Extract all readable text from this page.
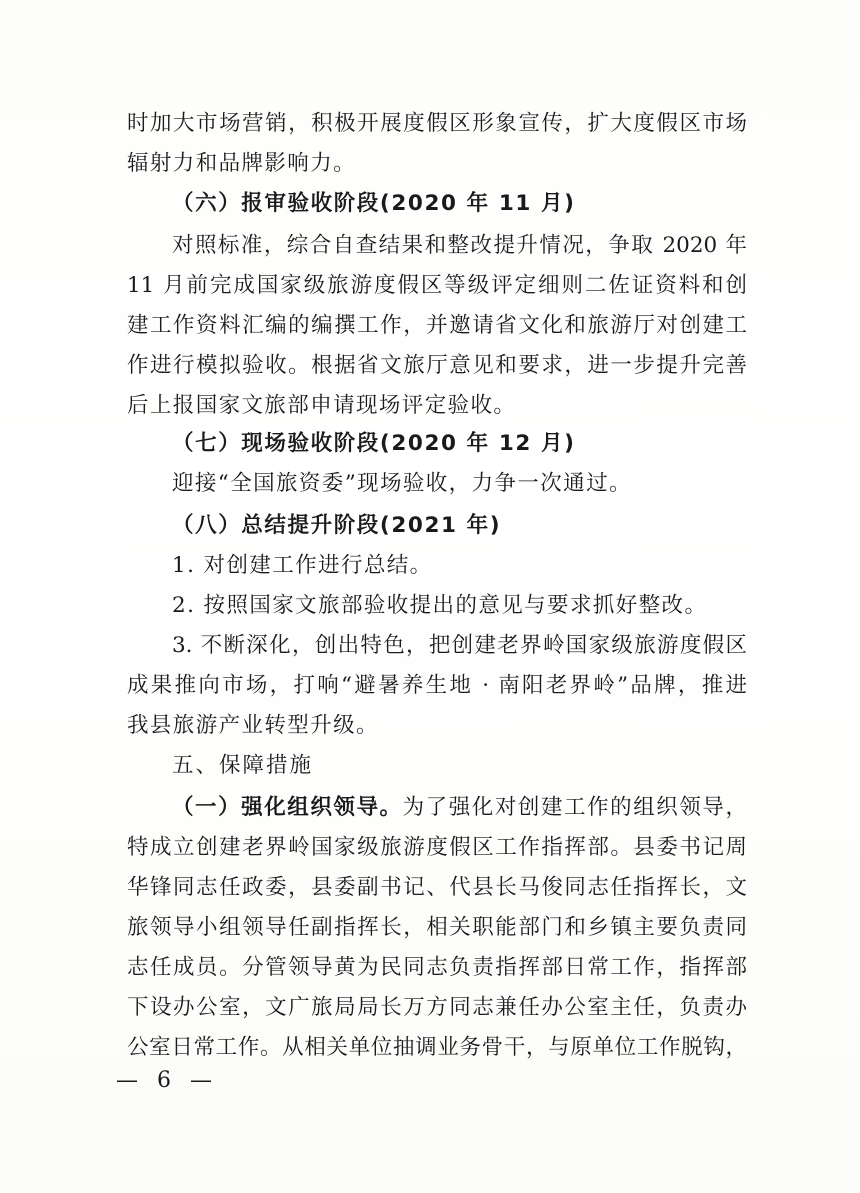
时加大市场营销，积极开展度假区形象宣传，扩大度假区市场
辐射力和品牌影响力。
（六）报审验收阶段(2020 年 11 月)
对照标准，综合自查结果和整改提升情况，争取 2020 年
11 月前完成国家级旅游度假区等级评定细则二佐证资料和创
建工作资料汇编的编撰工作，并邀请省文化和旅游厅对创建工
作进行模拟验收。根据省文旅厅意见和要求，进一步提升完善
后上报国家文旅部申请现场评定验收。
（七）现场验收阶段(2020 年 12 月)
迎接“全国旅资委”现场验收，力争一次通过。
（八）总结提升阶段(2021 年)
1. 对创建工作进行总结。
2. 按照国家文旅部验收提出的意见与要求抓好整改。
3. 不断深化，创出特色，把创建老界岭国家级旅游度假区
成果推向市场，打响“避暑养生地 · 南阳老界岭”品牌，推进
我县旅游产业转型升级。
五、保障措施
（一）强化组织领导。为了强化对创建工作的组织领导，
特成立创建老界岭国家级旅游度假区工作指挥部。县委书记周
华锋同志任政委，县委副书记、代县长马俊同志任指挥长，文
旅领导小组领导任副指挥长，相关职能部门和乡镇主要负责同
志任成员。分管领导黄为民同志负责指挥部日常工作，指挥部
下设办公室，文广旅局局长万方同志兼任办公室主任，负责办
公室日常工作。从相关单位抽调业务骨干，与原单位工作脱钩，
— 6 —
